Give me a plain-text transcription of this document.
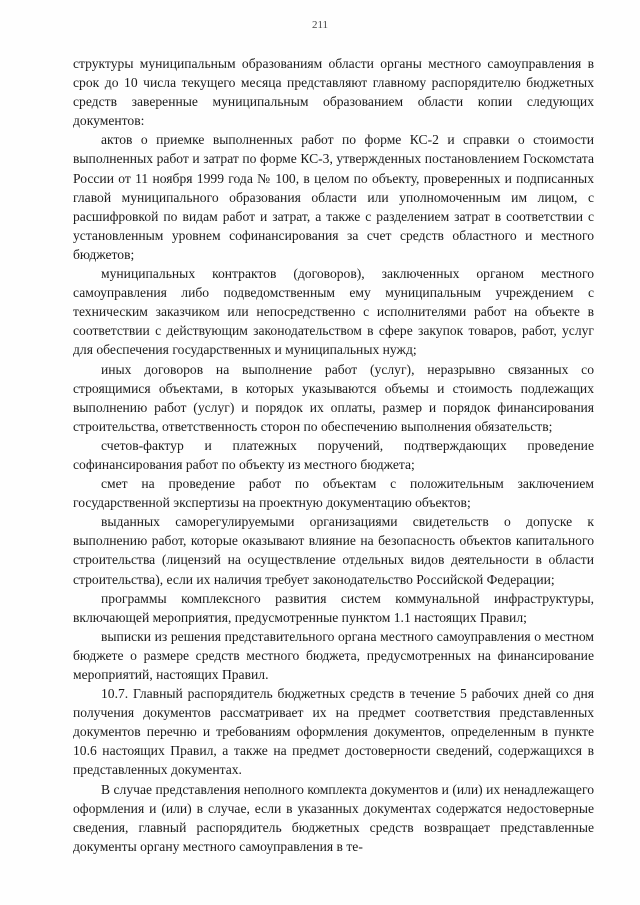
211

структуры муниципальным образованиям области органы местного самоуправления в срок до 10 числа текущего месяца представляют главному распорядителю бюджетных средств заверенные муниципальным образованием области копии следующих документов:

актов о приемке выполненных работ по форме КС-2 и справки о стоимости выполненных работ и затрат по форме КС-3, утвержденных постановлением Госкомстата России от 11 ноября 1999 года № 100, в целом по объекту, проверенных и подписанных главой муниципального образования области или уполномоченным им лицом, с расшифровкой по видам работ и затрат, а также с разделением затрат в соответствии с установленным уровнем софинансирования за счет средств областного и местного бюджетов;

муниципальных контрактов (договоров), заключенных органом местного самоуправления либо подведомственным ему муниципальным учреждением с техническим заказчиком или непосредственно с исполнителями работ на объекте в соответствии с действующим законодательством в сфере закупок товаров, работ, услуг для обеспечения государственных и муниципальных нужд;

иных договоров на выполнение работ (услуг), неразрывно связанных со строящимися объектами, в которых указываются объемы и стоимость подлежащих выполнению работ (услуг) и порядок их оплаты, размер и порядок финансирования строительства, ответственность сторон по обеспечению выполнения обязательств;

счетов-фактур и платежных поручений, подтверждающих проведение софинансирования работ по объекту из местного бюджета;

смет на проведение работ по объектам с положительным заключением государственной экспертизы на проектную документацию объектов;

выданных саморегулируемыми организациями свидетельств о допуске к выполнению работ, которые оказывают влияние на безопасность объектов капитального строительства (лицензий на осуществление отдельных видов деятельности в области строительства), если их наличия требует законодательство Российской Федерации;

программы комплексного развития систем коммунальной инфраструктуры, включающей мероприятия, предусмотренные пунктом 1.1 настоящих Правил;

выписки из решения представительного органа местного самоуправления о местном бюджете о размере средств местного бюджета, предусмотренных на финансирование мероприятий, настоящих Правил.

10.7. Главный распорядитель бюджетных средств в течение 5 рабочих дней со дня получения документов рассматривает их на предмет соответствия представленных документов перечню и требованиям оформления документов, определенным в пункте 10.6 настоящих Правил, а также на предмет достоверности сведений, содержащихся в представленных документах.

В случае представления неполного комплекта документов и (или) их ненадлежащего оформления и (или) в случае, если в указанных документах содержатся недостоверные сведения, главный распорядитель бюджетных средств возвращает представленные документы органу местного самоуправления в те-
